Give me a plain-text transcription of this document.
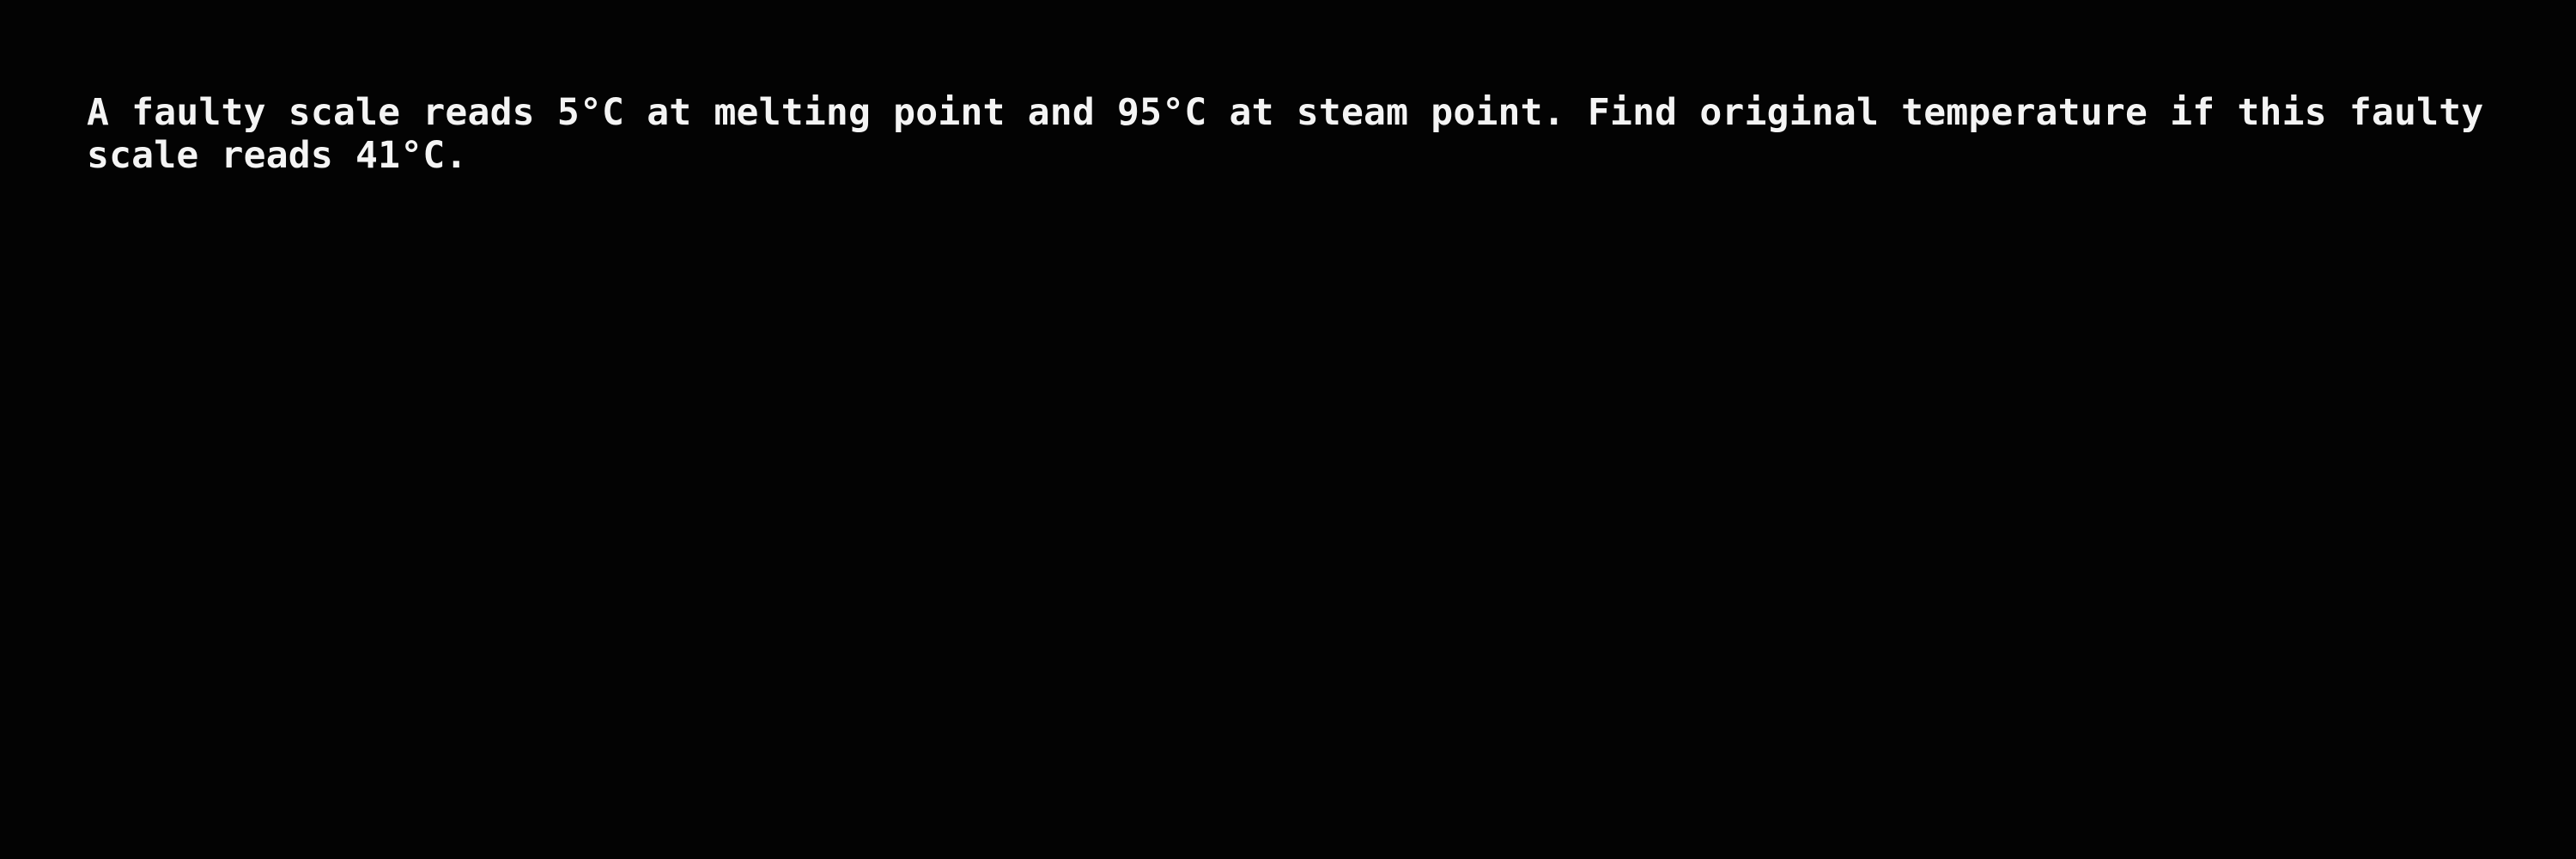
A faulty scale reads 5°C at melting point and 95°C at steam point. Find original temperature if this faulty scale reads 41°C.
